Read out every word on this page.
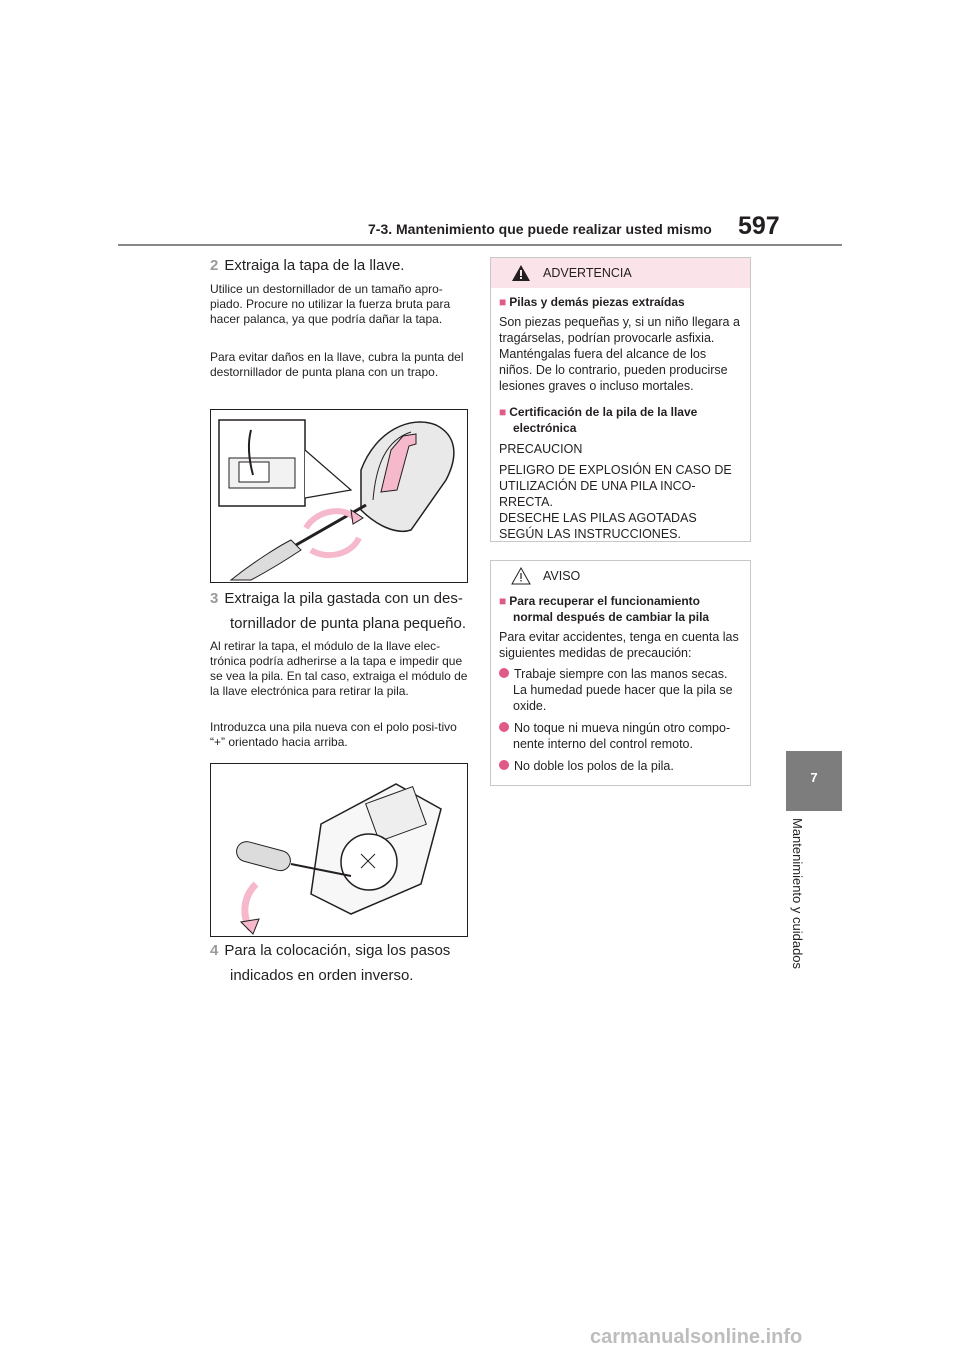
7-3. Mantenimiento que puede realizar usted mismo 597
7
Mantenimiento y cuidados
2 Extraiga la tapa de la llave.
Utilice un destornillador de un tamaño apro-piado. Procure no utilizar la fuerza bruta para hacer palanca, ya que podría dañar la tapa.
Para evitar daños en la llave, cubra la punta del destornillador de punta plana con un trapo.
3 Extraiga la pila gastada con un des-
tornillador de punta plana pequeño.
Al retirar la tapa, el módulo de la llave elec-trónica podría adherirse a la tapa e impedir que se vea la pila. En tal caso, extraiga el módulo de la llave electrónica para retirar la pila.
Introduzca una pila nueva con el polo posi-tivo “+” orientado hacia arriba.
4 Para la colocación, siga los pasos
indicados en orden inverso.
ADVERTENCIA
■ Pilas y demás piezas extraídas
Son piezas pequeñas y, si un niño llegara a tragárselas, podrían provocarle asfixia. Manténgalas fuera del alcance de los niños. De lo contrario, pueden producirse lesiones graves o incluso mortales.
■ Certificación de la pila de la llave
electrónica
PRECAUCION
PELIGRO DE EXPLOSIÓN EN CASO DE UTILIZACIÓN DE UNA PILA INCO-RRECTA.
DESECHE LAS PILAS AGOTADAS SEGÚN LAS INSTRUCCIONES.
AVISO
■ Para recuperar el funcionamiento
normal después de cambiar la pila
Para evitar accidentes, tenga en cuenta las siguientes medidas de precaución:
Trabaje siempre con las manos secas. La humedad puede hacer que la pila se oxide.
No toque ni mueva ningún otro compo-nente interno del control remoto.
No doble los polos de la pila.
carmanualsonline.info
